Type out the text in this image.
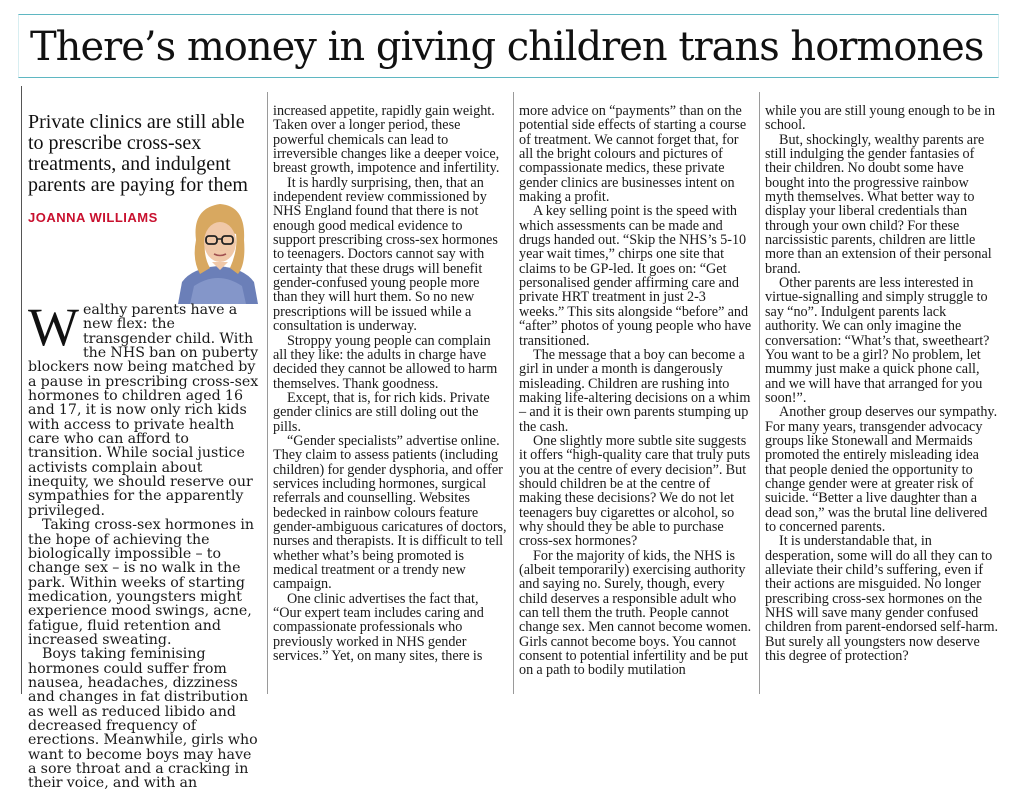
There’s money in giving children trans hormones

Private clinics are still able to prescribe cross-sex treatments, and indulgent parents are paying for them

JOANNA WILLIAMS
W ealthy parents have a new flex: the transgender child. With the NHS ban on puberty blockers now being matched by a pause in prescribing cross-sex hormones to children aged 16 and 17, it is now only rich kids with access to private health care who can afford to transition. While social justice activists complain about inequity, we should reserve our sympathies for the apparently privileged.

Taking cross-sex hormones in the hope of achieving the biologically impossible – to change sex – is no walk in the park. Within weeks of starting medication, youngsters might experience mood swings, acne, fatigue, fluid retention and increased sweating.

Boys taking feminising hormones could suffer from nausea, headaches, dizziness and changes in fat distribution as well as reduced libido and decreased frequency of erections. Meanwhile, girls who want to become boys may have a sore throat and a cracking in their voice, and with an

increased appetite, rapidly gain weight. Taken over a longer period, these powerful chemicals can lead to irreversible changes like a deeper voice, breast growth, impotence and infertility.

It is hardly surprising, then, that an independent review commissioned by NHS England found that there is not enough good medical evidence to support prescribing cross-sex hormones to teenagers. Doctors cannot say with certainty that these drugs will benefit gender-confused young people more than they will hurt them. So no new prescriptions will be issued while a consultation is underway.

Stroppy young people can complain all they like: the adults in charge have decided they cannot be allowed to harm themselves. Thank goodness.

Except, that is, for rich kids. Private gender clinics are still doling out the pills.

“Gender specialists” advertise online. They claim to assess patients (including children) for gender dysphoria, and offer services including hormones, surgical referrals and counselling. Websites bedecked in rainbow colours feature gender-ambiguous caricatures of doctors, nurses and therapists. It is difficult to tell whether what’s being promoted is medical treatment or a trendy new campaign.

One clinic advertises the fact that, “Our expert team includes caring and compassionate professionals who previously worked in NHS gender services.” Yet, on many sites, there is

more advice on “payments” than on the potential side effects of starting a course of treatment. We cannot forget that, for all the bright colours and pictures of compassionate medics, these private gender clinics are businesses intent on making a profit.

A key selling point is the speed with which assessments can be made and drugs handed out. “Skip the NHS’s 5-10 year wait times,” chirps one site that claims to be GP-led. It goes on: “Get personalised gender affirming care and private HRT treatment in just 2-3 weeks.” This sits alongside “before” and “after” photos of young people who have transitioned.

The message that a boy can become a girl in under a month is dangerously misleading. Children are rushing into making life-altering decisions on a whim – and it is their own parents stumping up the cash.

One slightly more subtle site suggests it offers “high-quality care that truly puts you at the centre of every decision”. But should children be at the centre of making these decisions? We do not let teenagers buy cigarettes or alcohol, so why should they be able to purchase cross-sex hormones?

For the majority of kids, the NHS is (albeit temporarily) exercising authority and saying no. Surely, though, every child deserves a responsible adult who can tell them the truth. People cannot change sex. Men cannot become women. Girls cannot become boys. You cannot consent to potential infertility and be put on a path to bodily mutilation

while you are still young enough to be in school.

But, shockingly, wealthy parents are still indulging the gender fantasies of their children. No doubt some have bought into the progressive rainbow myth themselves. What better way to display your liberal credentials than through your own child? For these narcissistic parents, children are little more than an extension of their personal brand.

Other parents are less interested in virtue-signalling and simply struggle to say “no”. Indulgent parents lack authority. We can only imagine the conversation: “What’s that, sweetheart? You want to be a girl? No problem, let mummy just make a quick phone call, and we will have that arranged for you soon!”.

Another group deserves our sympathy. For many years, transgender advocacy groups like Stonewall and Mermaids promoted the entirely misleading idea that people denied the opportunity to change gender were at greater risk of suicide. “Better a live daughter than a dead son,” was the brutal line delivered to concerned parents.

It is understandable that, in desperation, some will do all they can to alleviate their child’s suffering, even if their actions are misguided. No longer prescribing cross-sex hormones on the NHS will save many gender confused children from parent-endorsed self-harm. But surely all youngsters now deserve this degree of protection?
